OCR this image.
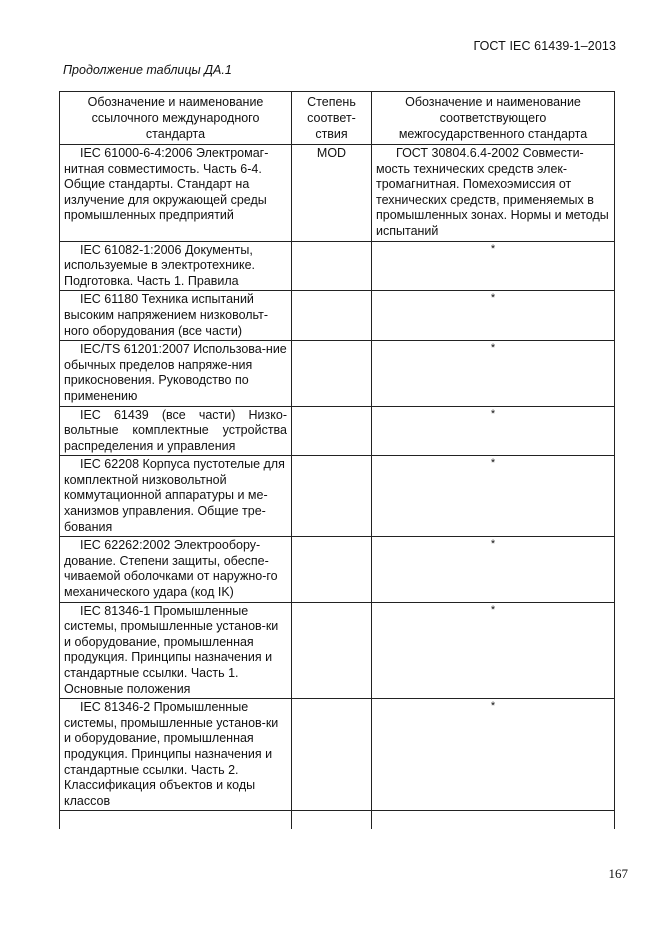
ГОСТ IEC 61439-1–2013
Продолжение таблицы ДА.1
Обозначение и наименование ссылочного международного стандарта	Степень соответ-ствия	Обозначение и наименование соответствующего межгосударственного стандарта
IEC 61000-6-4:2006 Электромаг-нитная совместимость. Часть 6-4. Общие стандарты. Стандарт на излучение для окружающей среды промышленных предприятий	MOD	ГОСТ 30804.6.4-2002 Совмести-мость технических средств элек-тромагнитная. Помехоэмиссия от технических средств, применяемых в промышленных зонах. Нормы и методы испытаний
IEC 61082-1:2006 Документы, используемые в электротехнике. Подготовка. Часть 1. Правила		*
IEC 61180 Техника испытаний высоким напряжением низковольт-ного оборудования (все части)		*
IEC/TS 61201:2007 Использова-ние обычных пределов напряже-ния прикосновения. Руководство по применению		*
IEC 61439 (все части) Низко-вольтные комплектные устройства распределения и управления		*
IEC 62208 Корпуса пустотелые для комплектной низковольтной коммутационной аппаратуры и ме-ханизмов управления. Общие тре-бования		*
IEC 62262:2002 Электрообору-дование. Степени защиты, обеспе-чиваемой оболочками от наружно-го механического удара (код IK)		*
IEC 81346-1 Промышленные системы, промышленные установ-ки и оборудование, промышленная продукция. Принципы назначения и стандартные ссылки. Часть 1. Основные положения		*
IEC 81346-2 Промышленные системы, промышленные установ-ки и оборудование, промышленная продукция. Принципы назначения и стандартные ссылки. Часть 2. Классификация объектов и коды классов		*

167
